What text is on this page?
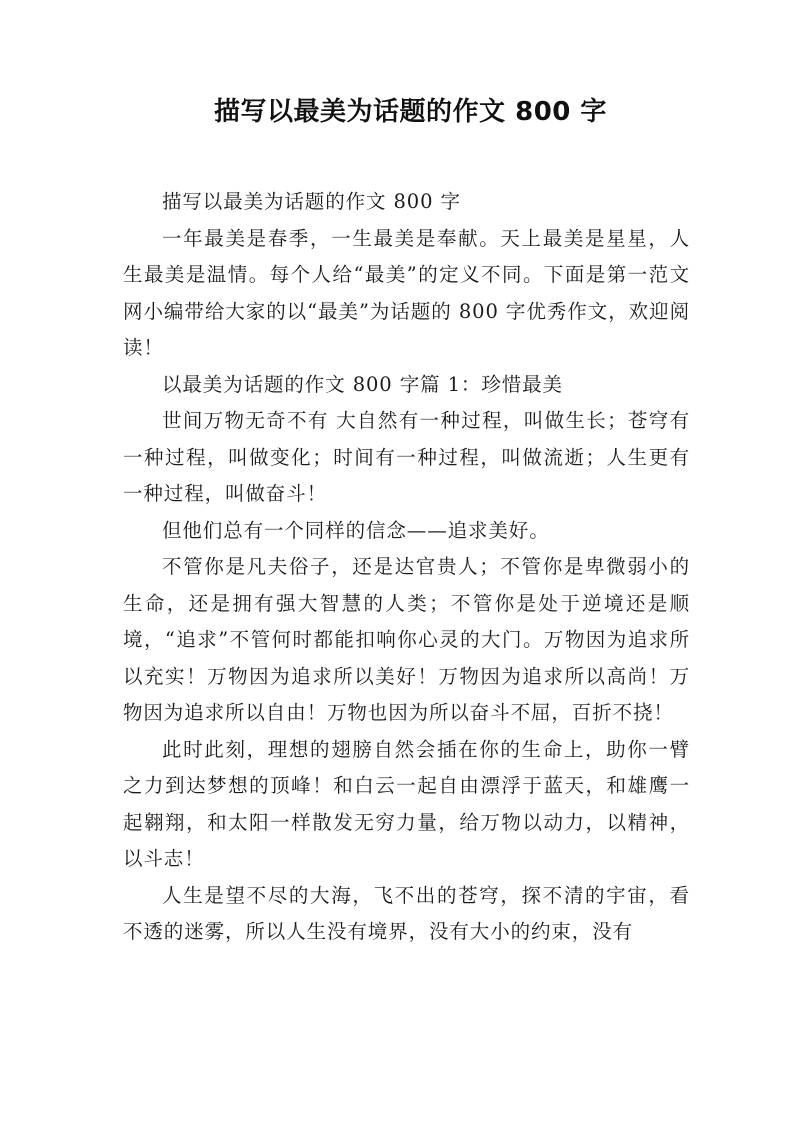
描写以最美为话题的作文 800 字

描写以最美为话题的作文 800 字

一年最美是春季，一生最美是奉献。天上最美是星星，人生最美是温情。每个人给“最美”的定义不同。下面是第一范文网小编带给大家的以“最美”为话题的 800 字优秀作文，欢迎阅读！

以最美为话题的作文 800 字篇 1：珍惜最美

世间万物无奇不有 大自然有一种过程，叫做生长；苍穹有一种过程，叫做变化；时间有一种过程，叫做流逝；人生更有一种过程，叫做奋斗！

但他们总有一个同样的信念——追求美好。

不管你是凡夫俗子，还是达官贵人；不管你是卑微弱小的生命，还是拥有强大智慧的人类；不管你是处于逆境还是顺境，“追求”不管何时都能扣响你心灵的大门。万物因为追求所以充实！万物因为追求所以美好！万物因为追求所以高尚！万物因为追求所以自由！万物也因为所以奋斗不屈，百折不挠！

此时此刻，理想的翅膀自然会插在你的生命上，助你一臂之力到达梦想的顶峰！和白云一起自由漂浮于蓝天，和雄鹰一起翱翔，和太阳一样散发无穷力量，给万物以动力，以精神，以斗志！

人生是望不尽的大海，飞不出的苍穹，探不清的宇宙，看不透的迷雾，所以人生没有境界，没有大小的约束，没有
